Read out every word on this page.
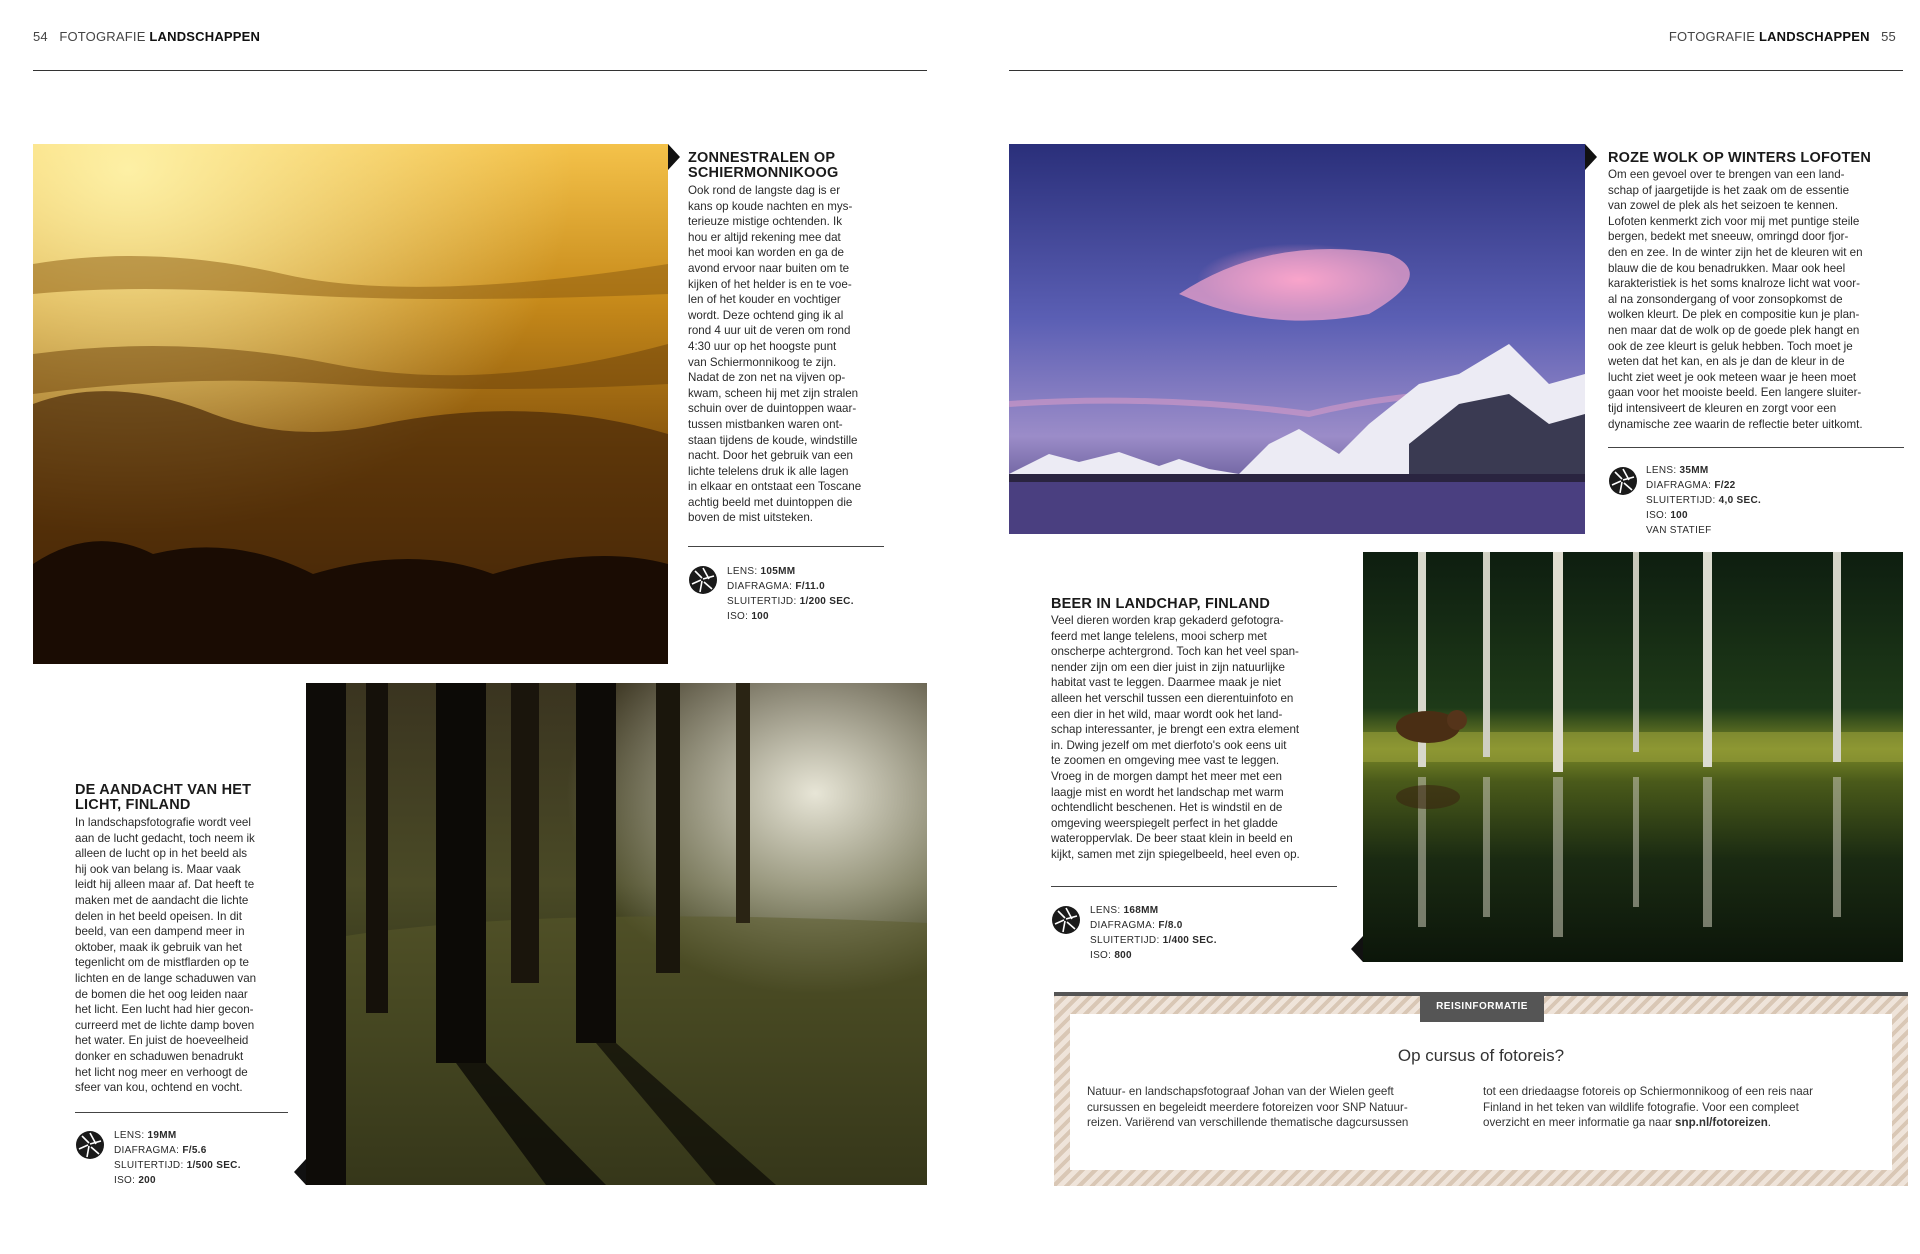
54 FOTOGRAFIE LANDSCHAPPEN	FOTOGRAFIE LANDSCHAPPEN 55
ZONNESTRALEN OP
SCHIERMONNIKOOG
Ook rond de langste dag is er
kans op koude nachten en mys-
terieuze mistige ochtenden. Ik
hou er altijd rekening mee dat
het mooi kan worden en ga de
avond ervoor naar buiten om te
kijken of het helder is en te voe-
len of het kouder en vochtiger
wordt. Deze ochtend ging ik al
rond 4 uur uit de veren om rond
4:30 uur op het hoogste punt
van Schiermonnikoog te zijn.
Nadat de zon net na vijven op-
kwam, scheen hij met zijn stralen
schuin over de duintoppen waar-
tussen mistbanken waren ont-
staan tijdens de koude, windstille
nacht. Door het gebruik van een
lichte telelens druk ik alle lagen
in elkaar en ontstaat een Toscane
achtig beeld met duintoppen die
boven de mist uitsteken.
LENS: 105MM
DIAFRAGMA: F/11.0
SLUITERTIJD: 1/200 SEC.
ISO: 100
DE AANDACHT VAN HET
LICHT, FINLAND
In landschapsfotografie wordt veel
aan de lucht gedacht, toch neem ik
alleen de lucht op in het beeld als
hij ook van belang is. Maar vaak
leidt hij alleen maar af. Dat heeft te
maken met de aandacht die lichte
delen in het beeld opeisen. In dit
beeld, van een dampend meer in
oktober, maak ik gebruik van het
tegenlicht om de mistflarden op te
lichten en de lange schaduwen van
de bomen die het oog leiden naar
het licht. Een lucht had hier gecon-
curreerd met de lichte damp boven
het water. En juist de hoeveelheid
donker en schaduwen benadrukt
het licht nog meer en verhoogt de
sfeer van kou, ochtend en vocht.
LENS: 19MM
DIAFRAGMA: F/5.6
SLUITERTIJD: 1/500 SEC.
ISO: 200
ROZE WOLK OP WINTERS LOFOTEN
Om een gevoel over te brengen van een land-
schap of jaargetijde is het zaak om de essentie
van zowel de plek als het seizoen te kennen.
Lofoten kenmerkt zich voor mij met puntige steile
bergen, bedekt met sneeuw, omringd door fjor-
den en zee. In de winter zijn het de kleuren wit en
blauw die de kou benadrukken. Maar ook heel
karakteristiek is het soms knalroze licht wat voor-
al na zonsondergang of voor zonsopkomst de
wolken kleurt. De plek en compositie kun je plan-
nen maar dat de wolk op de goede plek hangt en
ook de zee kleurt is geluk hebben. Toch moet je
weten dat het kan, en als je dan de kleur in de
lucht ziet weet je ook meteen waar je heen moet
gaan voor het mooiste beeld. Een langere sluiter-
tijd intensiveert de kleuren en zorgt voor een
dynamische zee waarin de reflectie beter uitkomt.
LENS: 35MM
DIAFRAGMA: F/22
SLUITERTIJD: 4,0 SEC.
ISO: 100
VAN STATIEF
BEER IN LANDCHAP, FINLAND
Veel dieren worden krap gekaderd gefotogra-
feerd met lange telelens, mooi scherp met
onscherpe achtergrond. Toch kan het veel span-
nender zijn om een dier juist in zijn natuurlijke
habitat vast te leggen. Daarmee maak je niet
alleen het verschil tussen een dierentuinfoto en
een dier in het wild, maar wordt ook het land-
schap interessanter, je brengt een extra element
in. Dwing jezelf om met dierfoto's ook eens uit
te zoomen en omgeving mee vast te leggen.
Vroeg in de morgen dampt het meer met een
laagje mist en wordt het landschap met warm
ochtendlicht beschenen. Het is windstil en de
omgeving weerspiegelt perfect in het gladde
wateroppervlak. De beer staat klein in beeld en
kijkt, samen met zijn spiegelbeeld, heel even op.
LENS: 168MM
DIAFRAGMA: F/8.0
SLUITERTIJD: 1/400 SEC.
ISO: 800
REISINFORMATIE
Op cursus of fotoreis?
Natuur- en landschapsfotograaf Johan van der Wielen geeft
cursussen en begeleidt meerdere fotoreizen voor SNP Natuur-
reizen. Variërend van verschillende thematische dagcursussen
tot een driedaagse fotoreis op Schiermonnikoog of een reis naar
Finland in het teken van wildlife fotografie. Voor een compleet
overzicht en meer informatie ga naar snp.nl/fotoreizen.
